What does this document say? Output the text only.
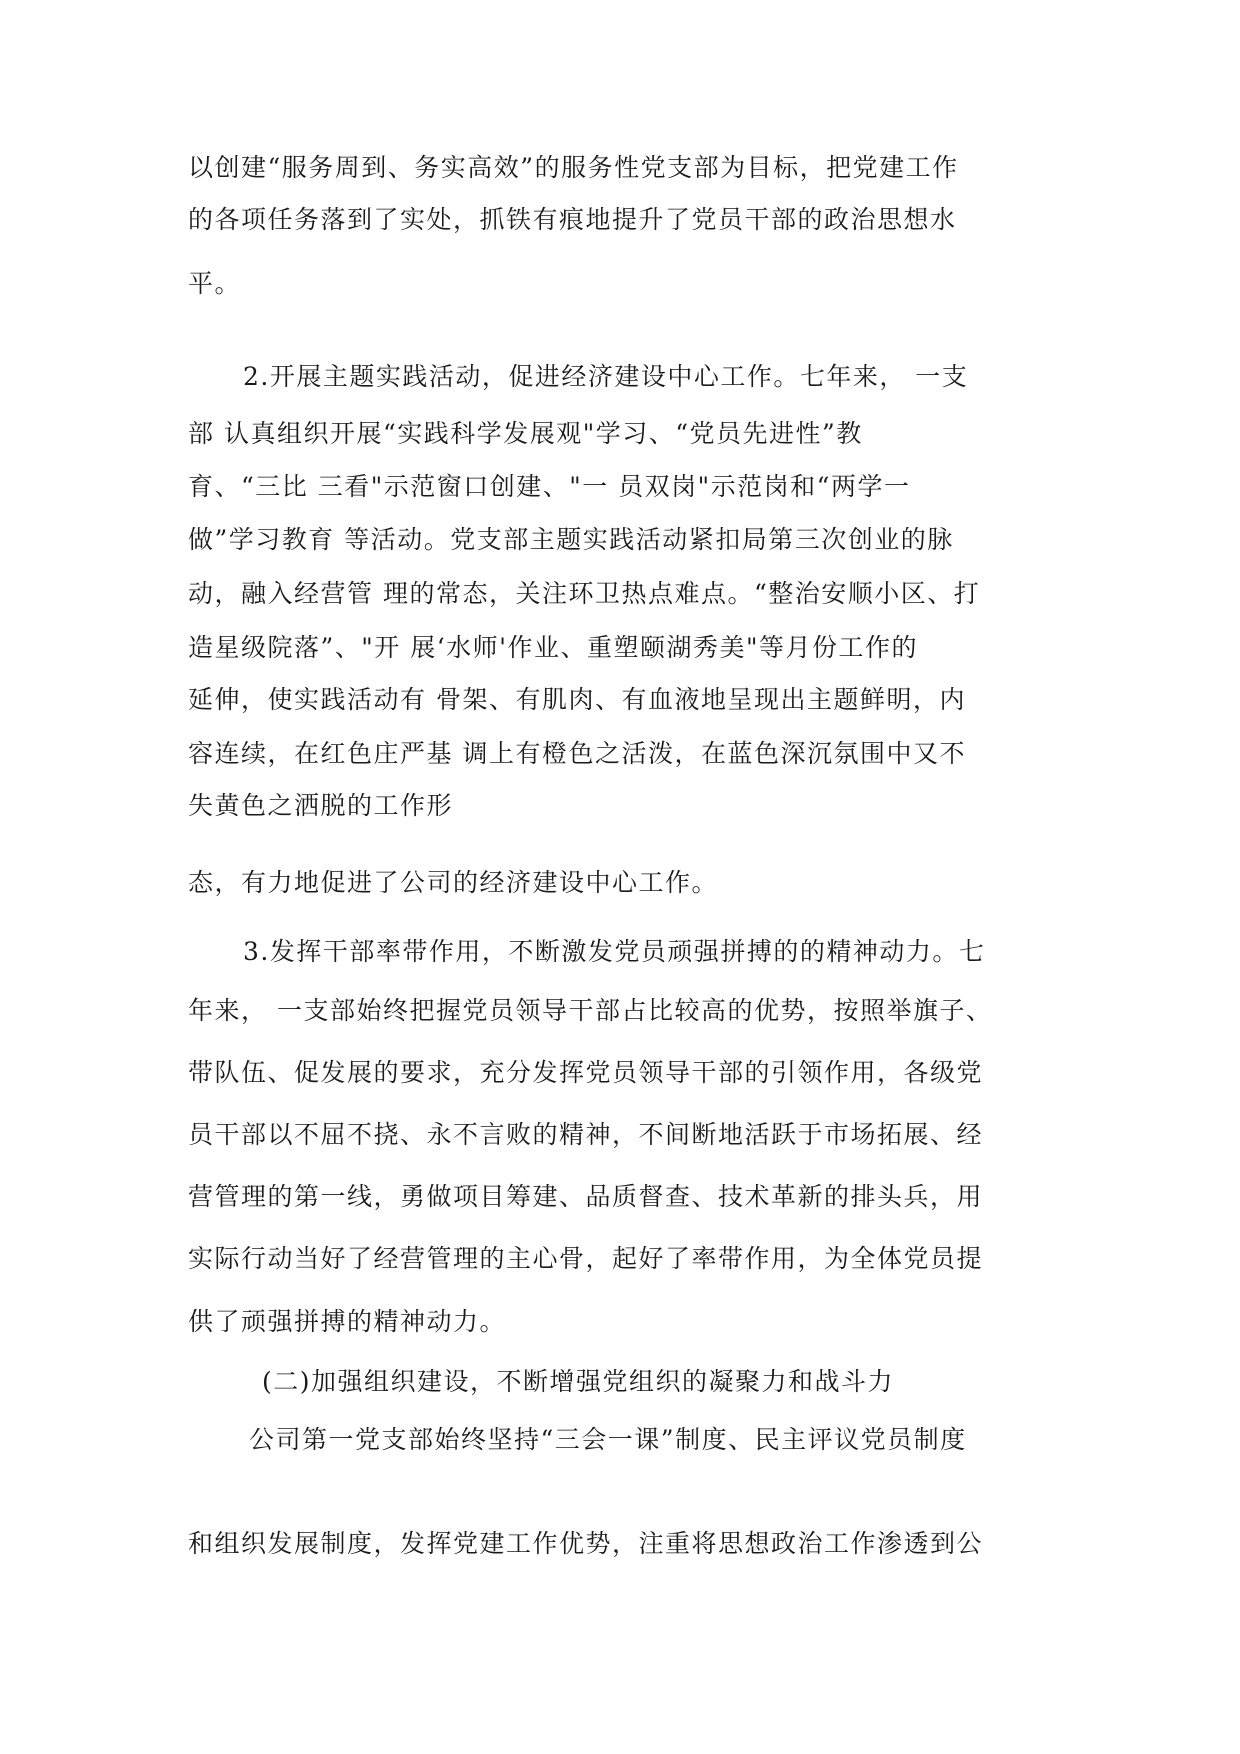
以创建“服务周到、务实高效”的服务性党支部为目标，把党建工作
的各项任务落到了实处，抓铁有痕地提升了党员干部的政治思想水
平。
2.开展主题实践活动，促进经济建设中心工作。七年来， 一支
部 认真组织开展“实践科学发展观"学习、“党员先进性”教
育、“三比 三看"示范窗口创建、"一 员双岗"示范岗和“两学一
做”学习教育 等活动。党支部主题实践活动紧扣局第三次创业的脉
动，融入经营管 理的常态，关注环卫热点难点。“整治安顺小区、打
造星级院落”、"开 展‘水师'作业、重塑颐湖秀美"等月份工作的
延伸，使实践活动有 骨架、有肌肉、有血液地呈现出主题鲜明，内
容连续，在红色庄严基 调上有橙色之活泼，在蓝色深沉氛围中又不
失黄色之洒脱的工作形
态，有力地促进了公司的经济建设中心工作。
3.发挥干部率带作用，不断激发党员顽强拼搏的的精神动力。七
年来， 一支部始终把握党员领导干部占比较高的优势，按照举旗子、
带队伍、促发展的要求，充分发挥党员领导干部的引领作用，各级党
员干部以不屈不挠、永不言败的精神，不间断地活跃于市场拓展、经
营管理的第一线，勇做项目筹建、品质督查、技术革新的排头兵，用
实际行动当好了经营管理的主心骨，起好了率带作用，为全体党员提
供了顽强拼搏的精神动力。
(二)加强组织建设，不断增强党组织的凝聚力和战斗力
公司第一党支部始终坚持“三会一课”制度、民主评议党员制度
和组织发展制度，发挥党建工作优势，注重将思想政治工作渗透到公
